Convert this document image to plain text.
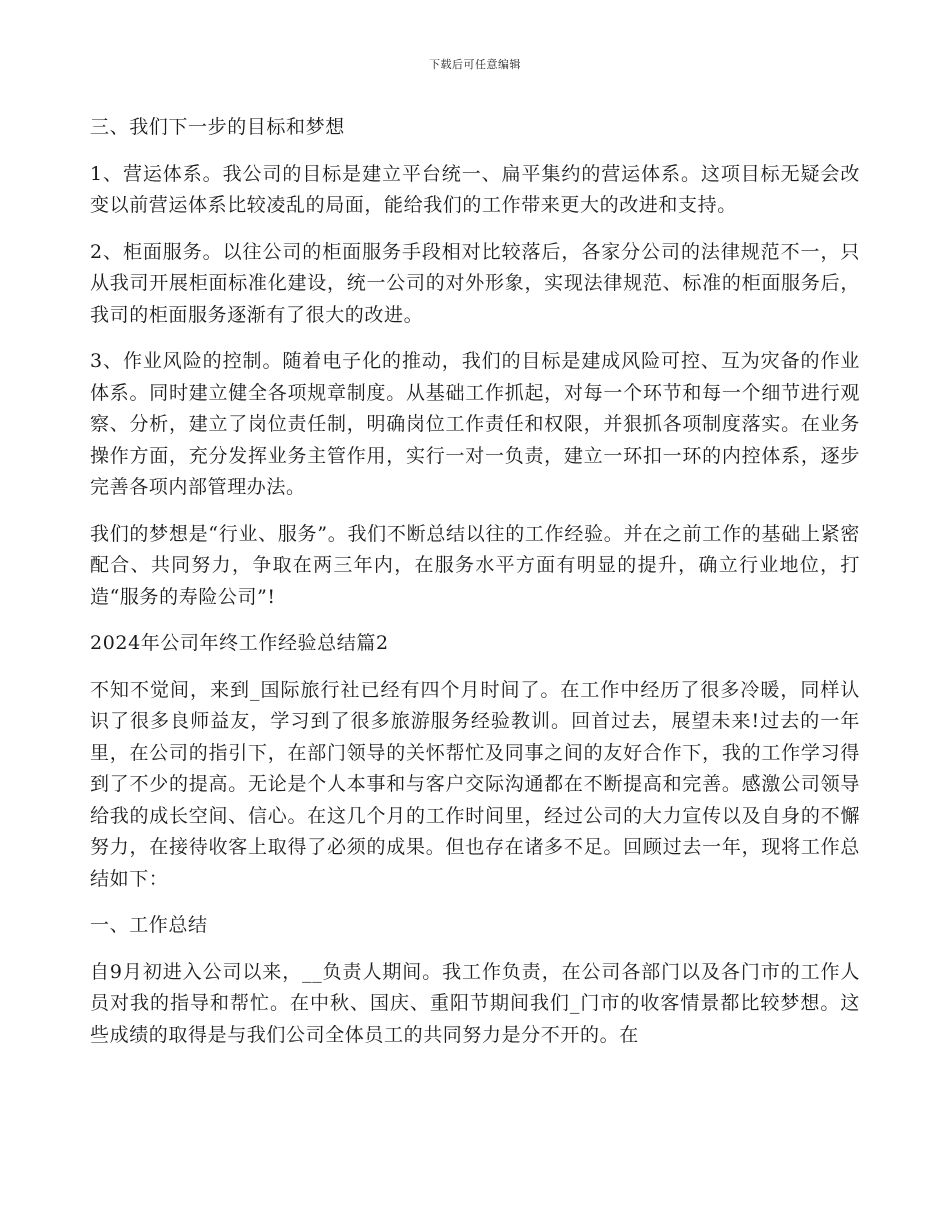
下载后可任意编辑

三、我们下一步的目标和梦想

1、营运体系。我公司的目标是建立平台统一、扁平集约的营运体系。这项目标无疑会改变以前营运体系比较凌乱的局面，能给我们的工作带来更大的改进和支持。

2、柜面服务。以往公司的柜面服务手段相对比较落后，各家分公司的法律规范不一，只从我司开展柜面标准化建设，统一公司的对外形象，实现法律规范、标准的柜面服务后，我司的柜面服务逐渐有了很大的改进。

3、作业风险的控制。随着电子化的推动，我们的目标是建成风险可控、互为灾备的作业体系。同时建立健全各项规章制度。从基础工作抓起，对每一个环节和每一个细节进行观察、分析，建立了岗位责任制，明确岗位工作责任和权限，并狠抓各项制度落实。在业务操作方面，充分发挥业务主管作用，实行一对一负责，建立一环扣一环的内控体系，逐步完善各项内部管理办法。

我们的梦想是“行业、服务”。我们不断总结以往的工作经验。并在之前工作的基础上紧密配合、共同努力，争取在两三年内，在服务水平方面有明显的提升，确立行业地位，打造“服务的寿险公司”!

2024年公司年终工作经验总结篇2

不知不觉间，来到_国际旅行社已经有四个月时间了。在工作中经历了很多冷暖，同样认识了很多良师益友，学习到了很多旅游服务经验教训。回首过去，展望未来!过去的一年里，在公司的指引下，在部门领导的关怀帮忙及同事之间的友好合作下，我的工作学习得到了不少的提高。无论是个人本事和与客户交际沟通都在不断提高和完善。感激公司领导给我的成长空间、信心。在这几个月的工作时间里，经过公司的大力宣传以及自身的不懈努力，在接待收客上取得了必须的成果。但也存在诸多不足。回顾过去一年，现将工作总结如下：

一、工作总结

自9月初进入公司以来，__负责人期间。我工作负责，在公司各部门以及各门市的工作人员对我的指导和帮忙。在中秋、国庆、重阳节期间我们_门市的收客情景都比较梦想。这些成绩的取得是与我们公司全体员工的共同努力是分不开的。在
